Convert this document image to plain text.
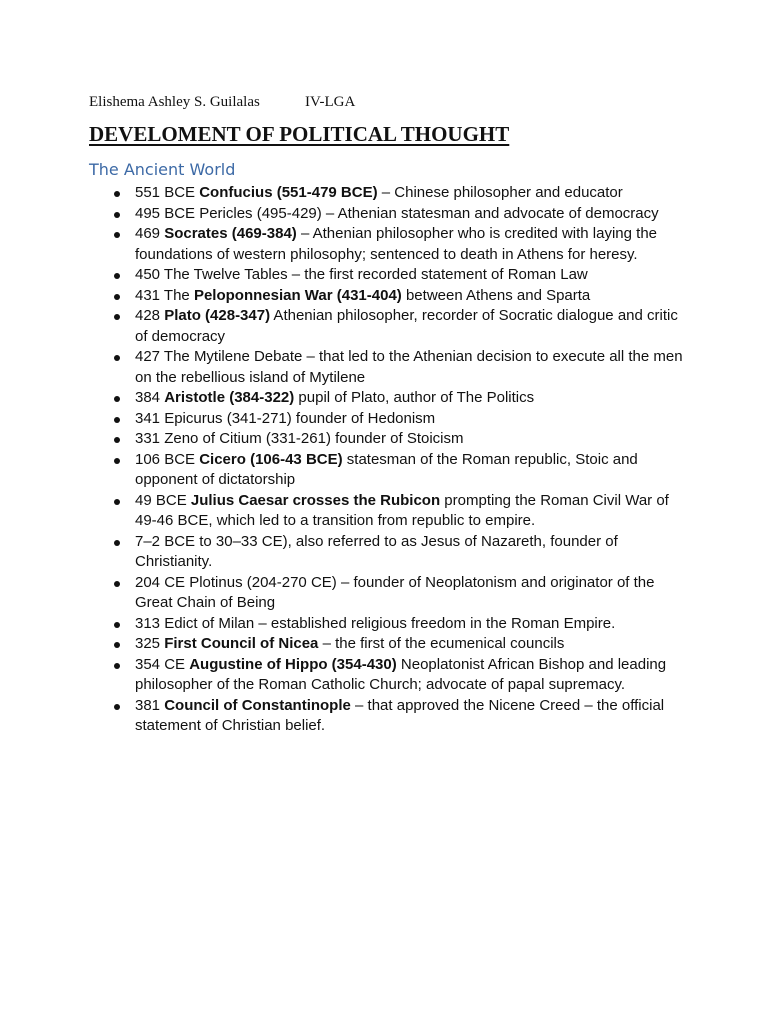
Elishema Ashley S. Guilalas	IV-LGA
DEVELOMENT OF POLITICAL THOUGHT
The Ancient World
551 BCE Confucius (551-479 BCE) – Chinese philosopher and educator
495 BCE Pericles (495-429) – Athenian statesman and advocate of democracy
469 Socrates (469-384) – Athenian philosopher who is credited with laying the foundations of western philosophy; sentenced to death in Athens for heresy.
450 The Twelve Tables – the first recorded statement of Roman Law
431 The Peloponnesian War (431-404) between Athens and Sparta
428 Plato (428-347) Athenian philosopher, recorder of Socratic dialogue and critic of democracy
427 The Mytilene Debate – that led to the Athenian decision to execute all the men on the rebellious island of Mytilene
384 Aristotle (384-322) pupil of Plato, author of The Politics
341 Epicurus (341-271) founder of Hedonism
331 Zeno of Citium (331-261) founder of Stoicism
106 BCE Cicero (106-43 BCE) statesman of the Roman republic, Stoic and opponent of dictatorship
49 BCE Julius Caesar crosses the Rubicon prompting the Roman Civil War of 49-46 BCE, which led to a transition from republic to empire.
7–2 BCE to 30–33 CE), also referred to as Jesus of Nazareth, founder of Christianity.
204 CE Plotinus (204-270 CE) – founder of Neoplatonism and originator of the Great Chain of Being
313 Edict of Milan – established religious freedom in the Roman Empire.
325 First Council of Nicea – the first of the ecumenical councils
354 CE Augustine of Hippo (354-430) Neoplatonist African Bishop and leading philosopher of the Roman Catholic Church; advocate of papal supremacy.
381 Council of Constantinople – that approved the Nicene Creed – the official statement of Christian belief.
